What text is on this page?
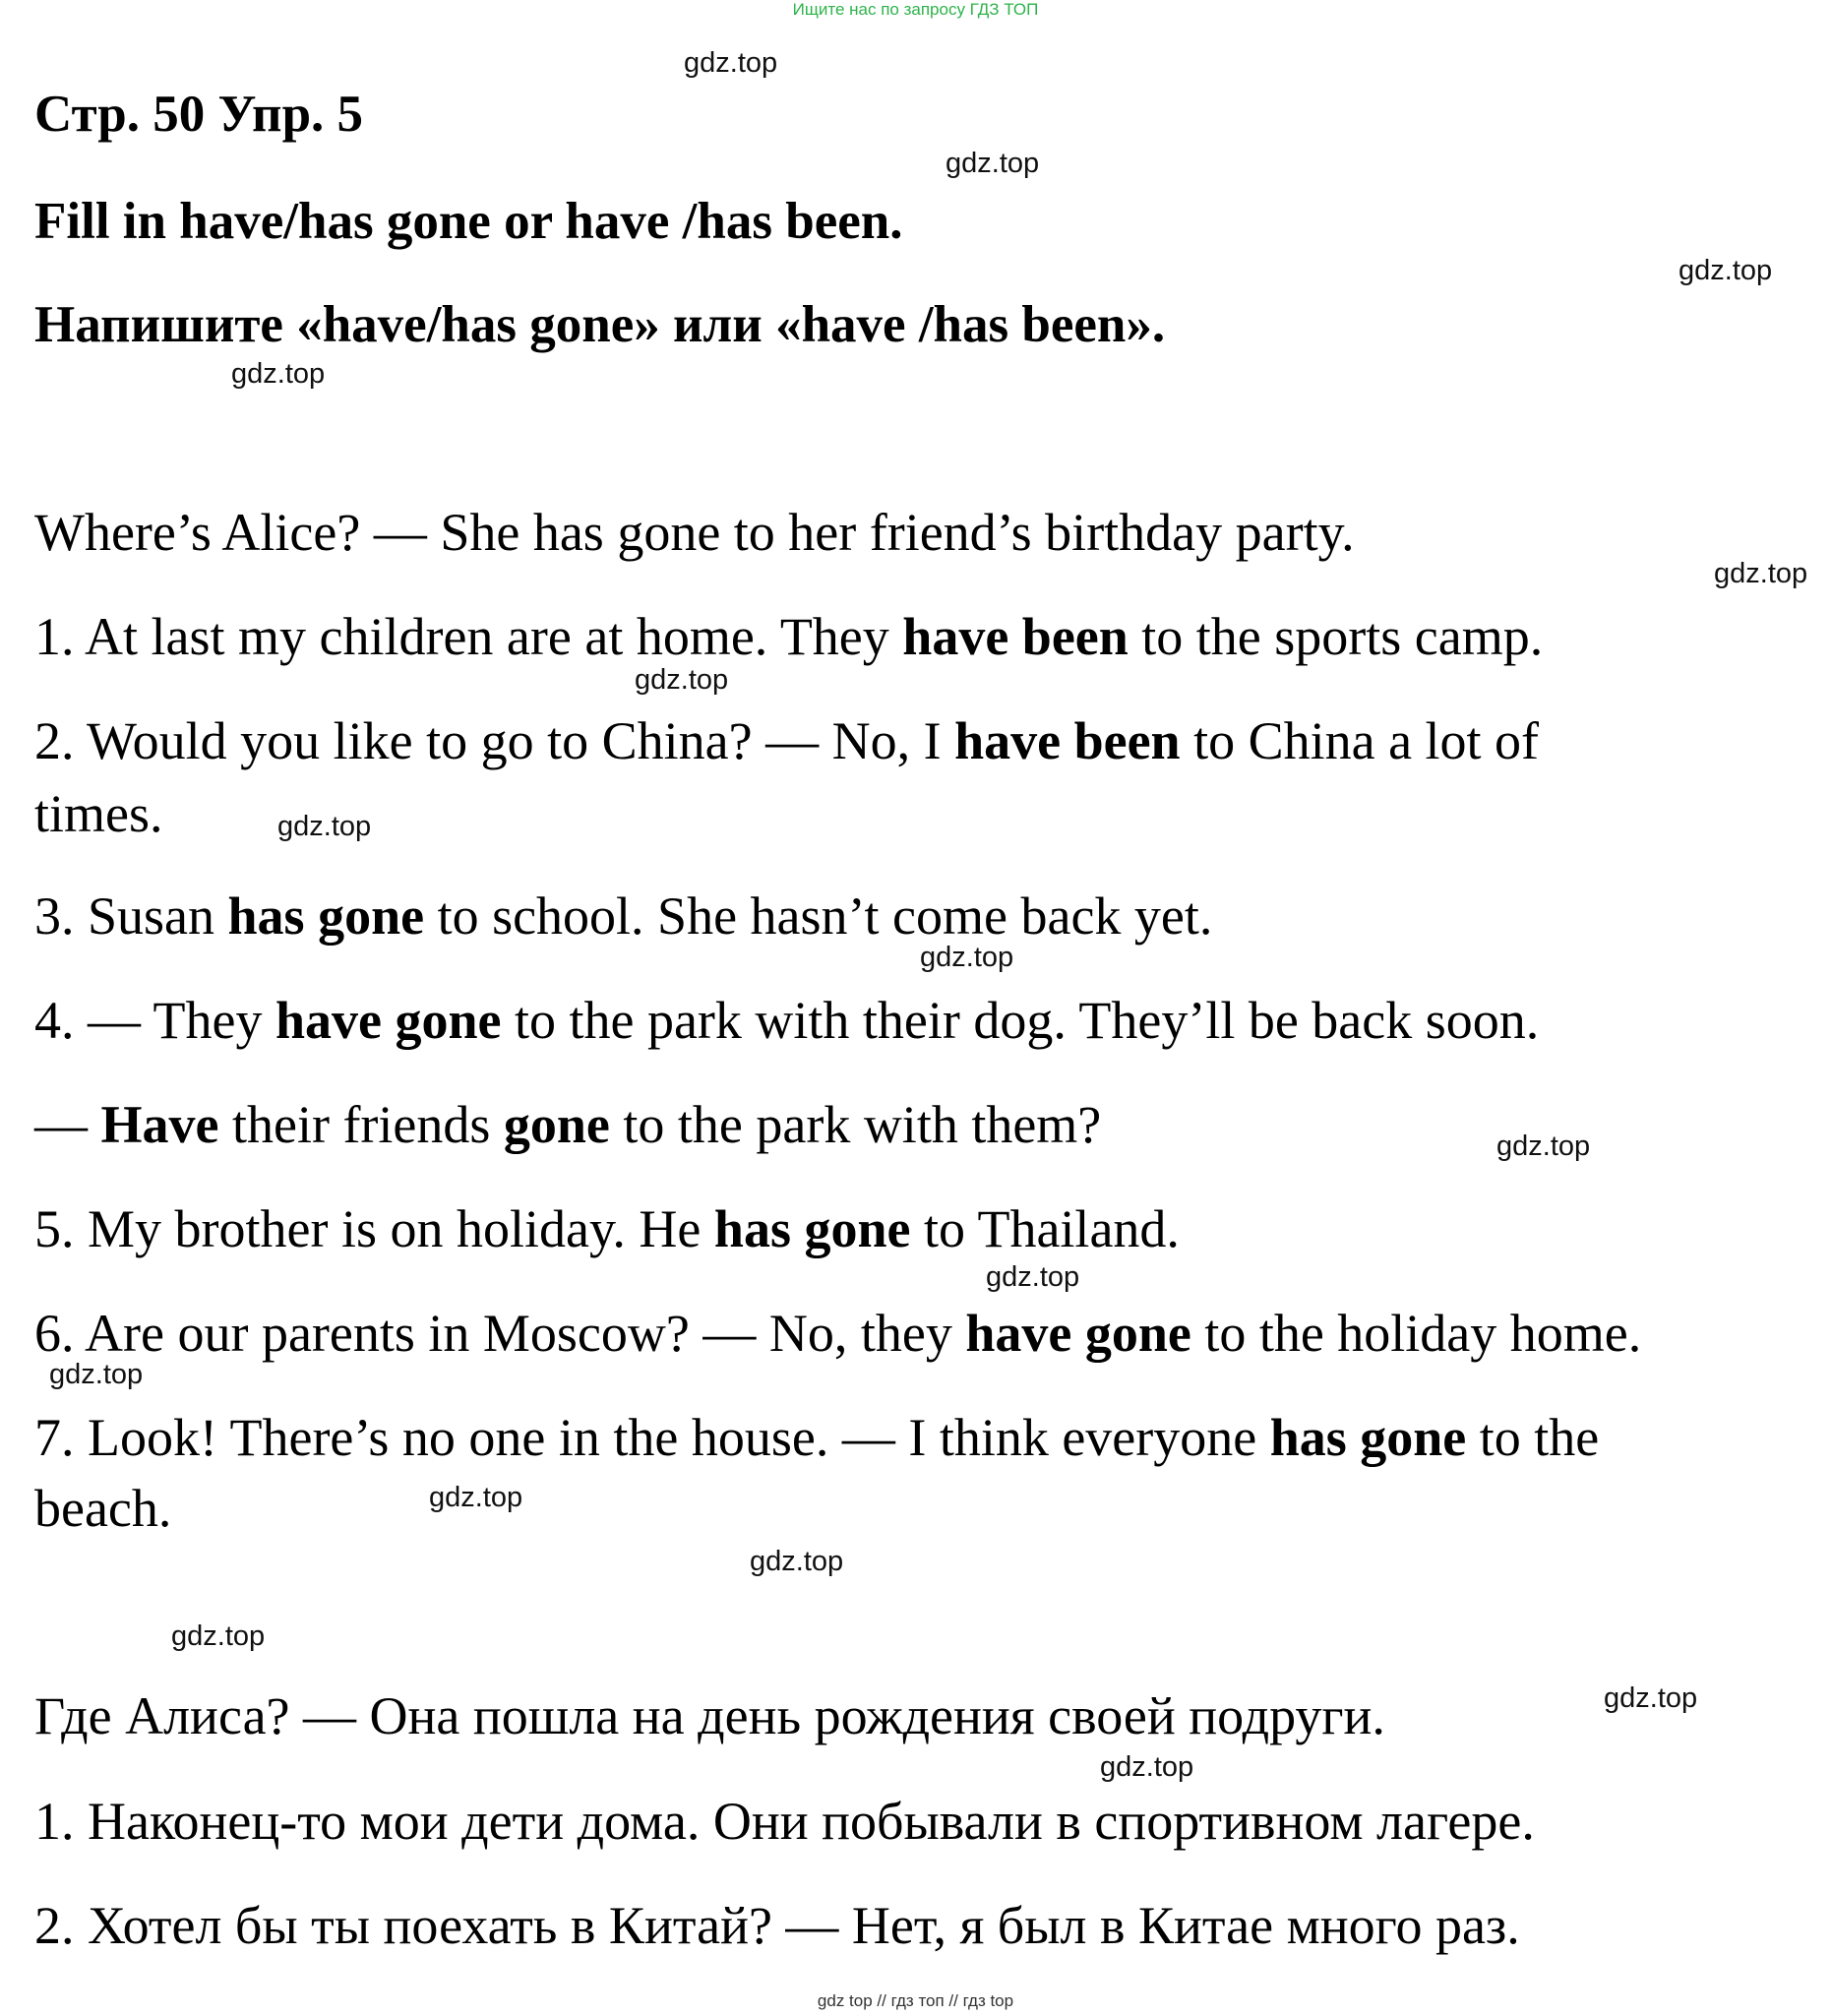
Ищите нас по запросу ГДЗ ТОП
gdz.top
gdz.top
gdz.top
gdz.top
gdz.top
gdz.top
gdz.top
gdz.top
gdz.top
gdz.top
gdz.top
gdz.top
gdz.top
gdz.top
gdz.top
gdz.top
Стр. 50 Упр. 5
Fill in have/has gone or have /has been.
Напишите «have/has gone» или «have /has been».
Where’s Alice? — She has gone to her friend’s birthday party.
1. At last my children are at home. They have been to the sports camp.
2. Would you like to go to China? — No, I have been to China a lot of
times.
3. Susan has gone to school. She hasn’t come back yet.
4. — They have gone to the park with their dog. They’ll be back soon.
— Have their friends gone to the park with them?
5. My brother is on holiday. He has gone to Thailand.
6. Are our parents in Moscow? — No, they have gone to the holiday home.
7. Look! There’s no one in the house. — I think everyone has gone to the
beach.
Где Алиса? — Она пошла на день рождения своей подруги.
1. Наконец-то мои дети дома. Они побывали в спортивном лагере.
2. Хотел бы ты поехать в Китай? — Нет, я был в Китае много раз.
gdz top // гдз топ // гдз top
